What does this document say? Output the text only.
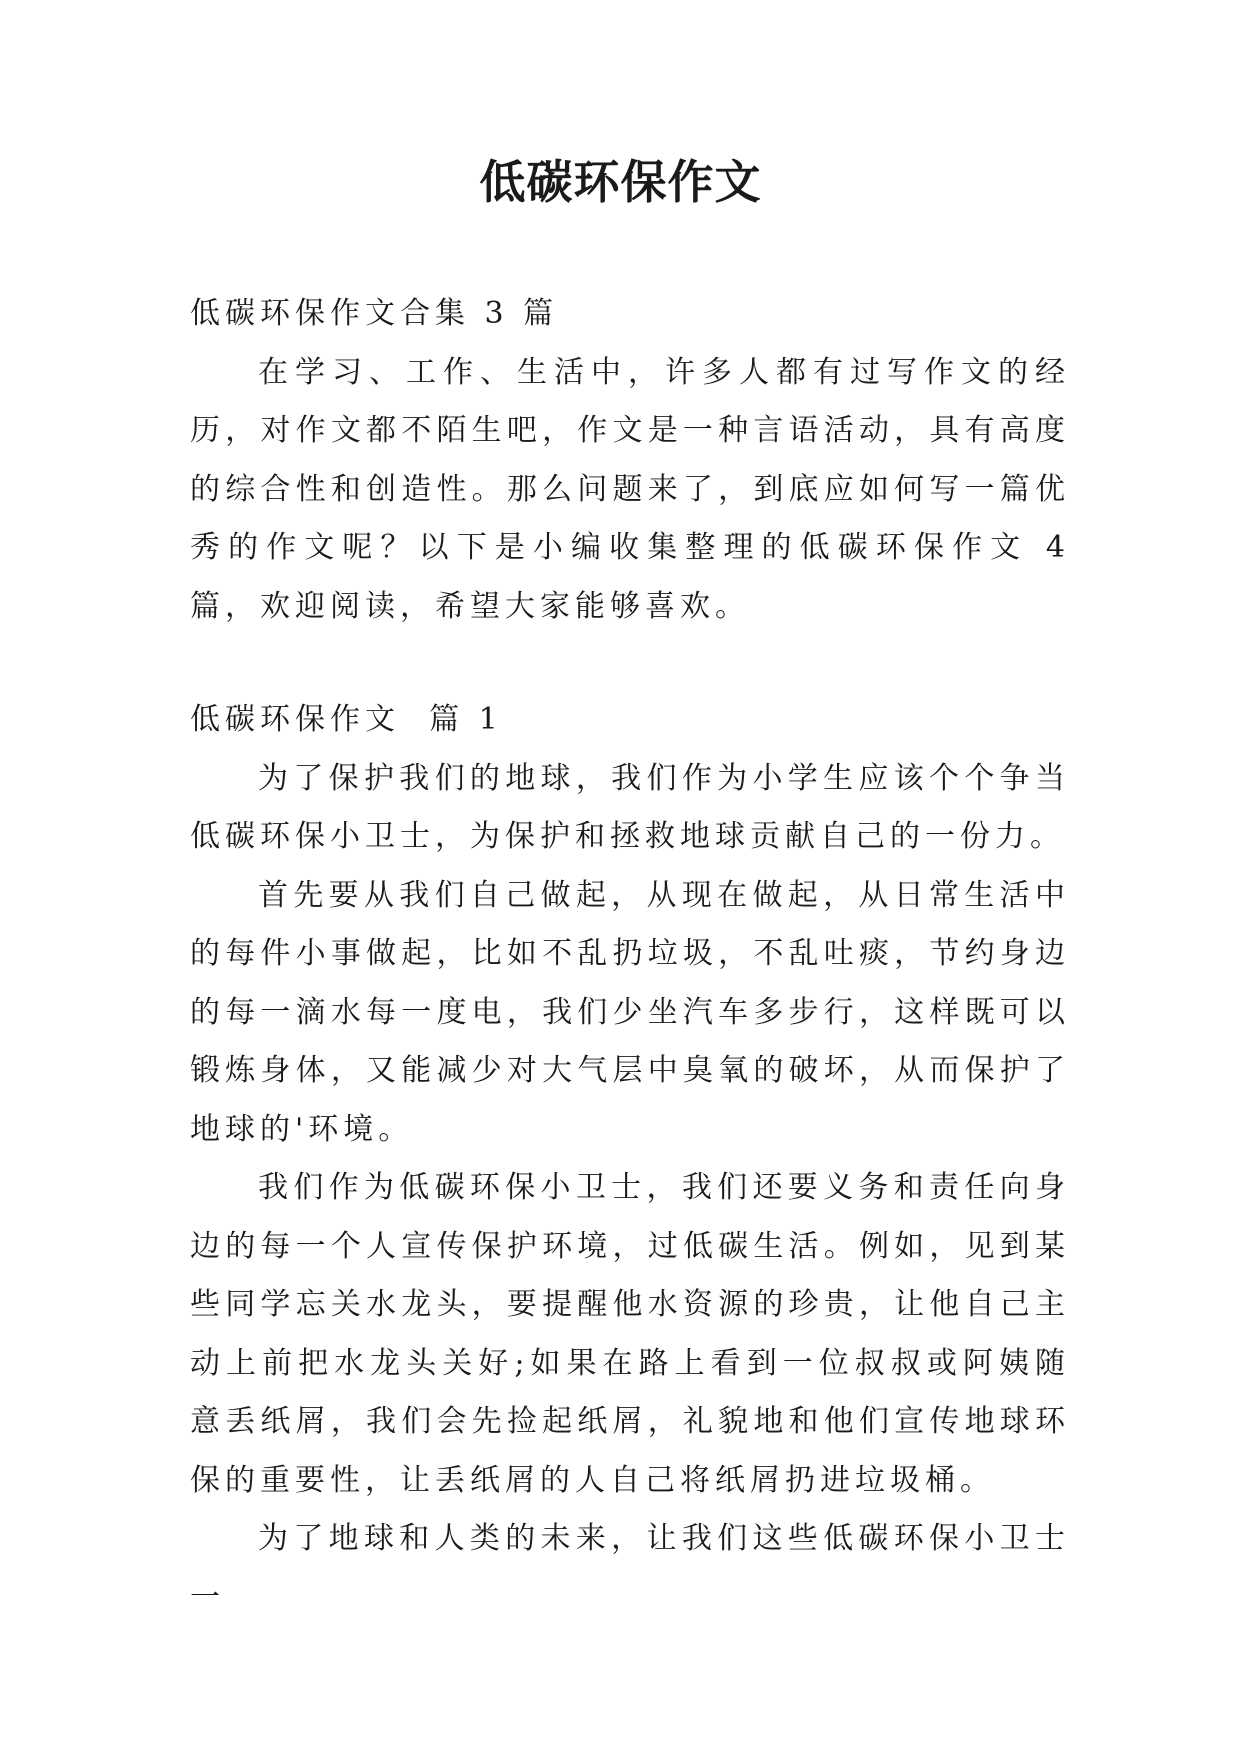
低碳环保作文

低碳环保作文合集 3 篇

在学习、工作、生活中，许多人都有过写作文的经历，对作文都不陌生吧，作文是一种言语活动，具有高度的综合性和创造性。那么问题来了，到底应如何写一篇优秀的作文呢？以下是小编收集整理的低碳环保作文 4 篇，欢迎阅读，希望大家能够喜欢。

低碳环保作文  篇 1

为了保护我们的地球，我们作为小学生应该个个争当低碳环保小卫士，为保护和拯救地球贡献自己的一份力。

首先要从我们自己做起，从现在做起，从日常生活中的每件小事做起，比如不乱扔垃圾，不乱吐痰，节约身边的每一滴水每一度电，我们少坐汽车多步行，这样既可以锻炼身体，又能减少对大气层中臭氧的破坏，从而保护了地球的'环境。

我们作为低碳环保小卫士，我们还要义务和责任向身边的每一个人宣传保护环境，过低碳生活。例如，见到某些同学忘关水龙头，要提醒他水资源的珍贵，让他自己主动上前把水龙头关好;如果在路上看到一位叔叔或阿姨随意丢纸屑，我们会先捡起纸屑，礼貌地和他们宣传地球环保的重要性，让丢纸屑的人自己将纸屑扔进垃圾桶。

为了地球和人类的未来，让我们这些低碳环保小卫士一
